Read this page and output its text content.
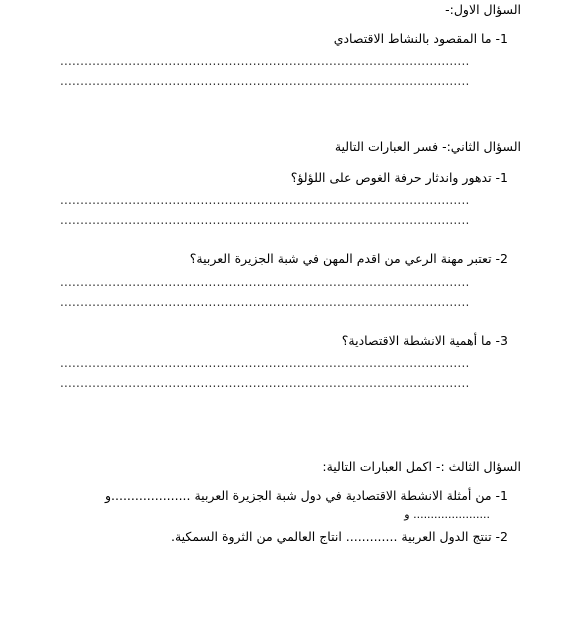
السؤال الاول:-
1- ما المقصود بالنشاط الاقتصادي
......................................................................................................
......................................................................................................
السؤال الثاني:- فسر العبارات التالية
1- تدهور واندثار حرفة الغوص على اللؤلؤ؟
......................................................................................................
......................................................................................................
2- تعتبر مهنة الرعي من اقدم المهن في شبة الجزيرة العربية؟
......................................................................................................
......................................................................................................
3- ما أهمية الانشطة الاقتصادية؟
......................................................................................................
......................................................................................................
السؤال الثالث :- اكمل العبارات التالية:
1- من أمثلة الانشطة الاقتصادية في دول شبة الجزيرة العربية ....................و
...................... و
2- تنتج الدول العربية ............. انتاج العالمي من الثروة السمكية.
